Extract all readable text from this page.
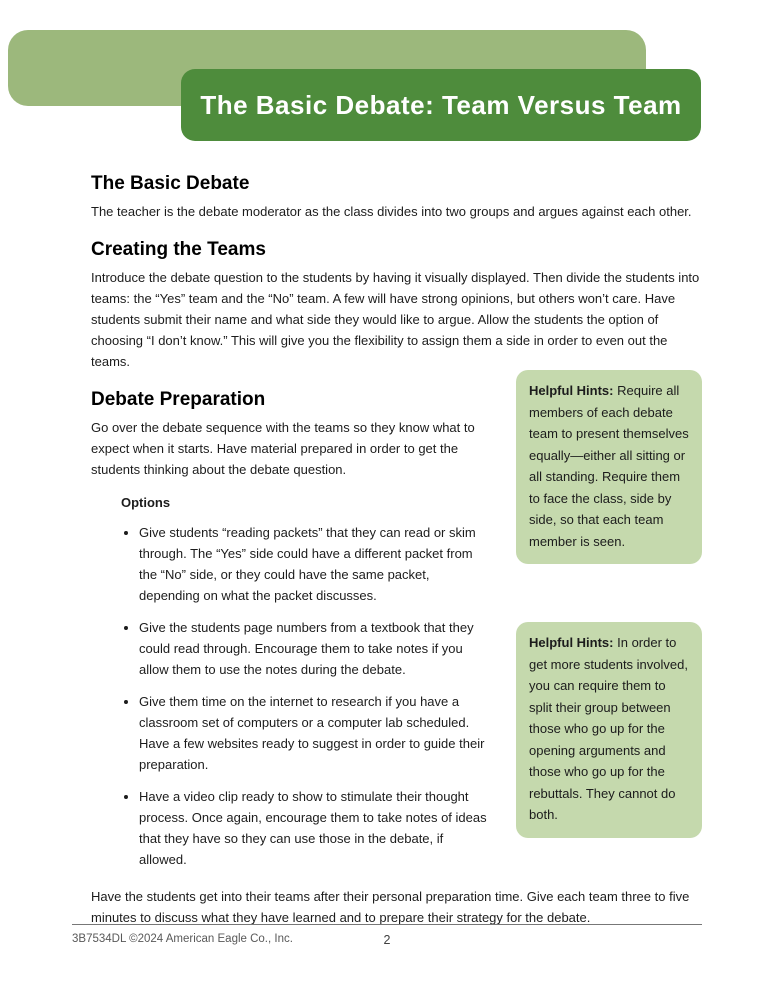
The Basic Debate: Team Versus Team
The Basic Debate

The teacher is the debate moderator as the class divides into two groups and argues against each other.

Creating the Teams

Introduce the debate question to the students by having it visually displayed. Then divide the students into teams: the “Yes” team and the “No” team. A few will have strong opinions, but others won’t care. Have students submit their name and what side they would like to argue. Allow the students the option of choosing “I don’t know.” This will give you the flexibility to assign them a side in order to even out the teams.

Debate Preparation

Go over the debate sequence with the teams so they know what to expect when it starts. Have material prepared in order to get the students thinking about the debate question.

Options
• Give students “reading packets” that they can read or skim through. The “Yes” side could have a different packet from the “No” side, or they could have the same packet, depending on what the packet discusses.
• Give the students page numbers from a textbook that they could read through. Encourage them to take notes if you allow them to use the notes during the debate.
• Give them time on the internet to research if you have a classroom set of computers or a computer lab scheduled. Have a few websites ready to suggest in order to guide their preparation.
• Have a video clip ready to show to stimulate their thought process. Once again, encourage them to take notes of ideas that they have so they can use those in the debate, if allowed.

Have the students get into their teams after their personal preparation time. Give each team three to five minutes to discuss what they have learned and to prepare their strategy for the debate.

Helpful Hints: Require all members of each debate team to present themselves equally—either all sitting or all standing. Require them to face the class, side by side, so that each team member is seen.
Helpful Hints: In order to get more students involved, you can require them to split their group between those who go up for the opening arguments and those who go up for the rebuttals. They cannot do both.
3B7534DL ©2024 American Eagle Co., Inc.	2
